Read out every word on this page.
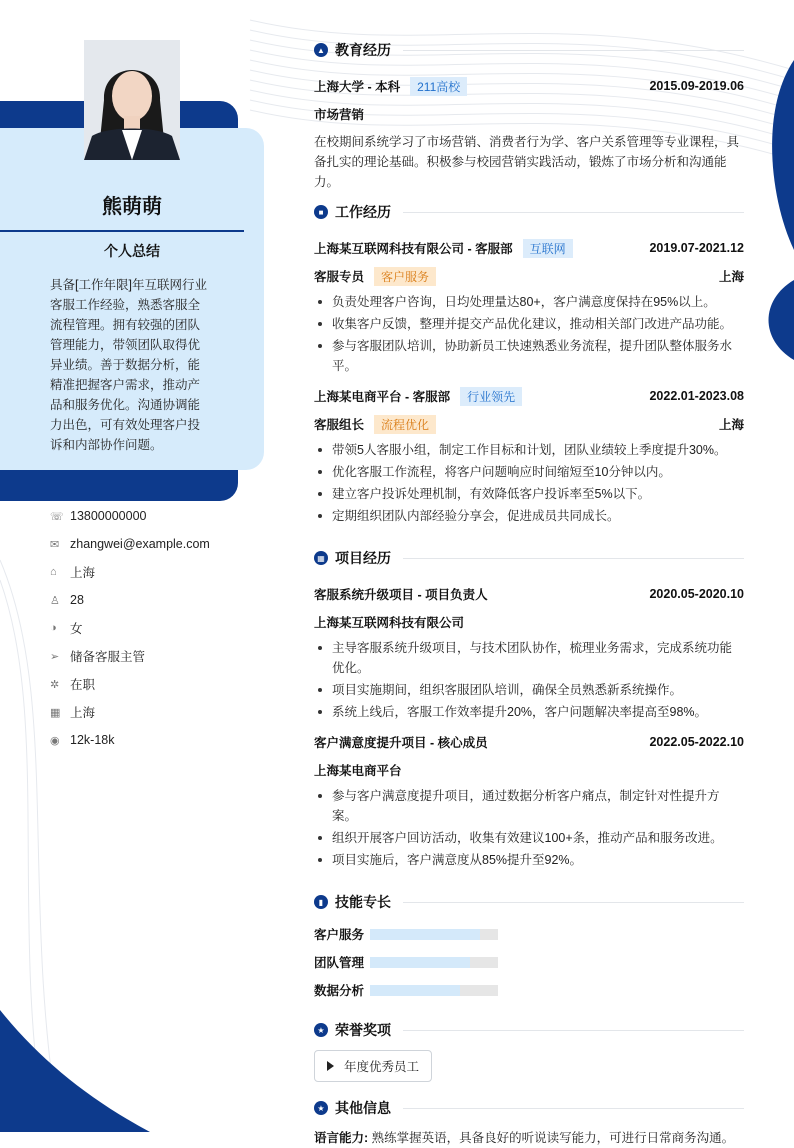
熊萌萌
个人总结
具备[工作年限]年互联网行业客服工作经验，熟悉客服全流程管理。拥有较强的团队管理能力，带领团队取得优异业绩。善于数据分析，能精准把握客户需求，推动产品和服务优化。沟通协调能力出色，可有效处理客户投诉和内部协作问题。
☏ 13800000000
✉ zhangwei@example.com
⌂	上海
♙ 28
◑	女
➢ 储备客服主管
✲ 在职
▦ 上海
◉ 12k-18k
▲ 教育经历
上海大学 - 本科	211高校	2015.09-2019.06
市场营销
在校期间系统学习了市场营销、消费者行为学、客户关系管理等专业课程，具备扎实的理论基础。积极参与校园营销实践活动，锻炼了市场分析和沟通能力。
■ 工作经历
上海某互联网科技有限公司 - 客服部	互联网	2019.07-2021.12
客服专员	客户服务	上海
负责处理客户咨询，日均处理量达80+，客户满意度保持在95%以上。
收集客户反馈，整理并提交产品优化建议，推动相关部门改进产品功能。
参与客服团队培训，协助新员工快速熟悉业务流程，提升团队整体服务水平。
上海某电商平台 - 客服部	行业领先	2022.01-2023.08
客服组长	流程优化	上海
带领5人客服小组，制定工作目标和计划，团队业绩较上季度提升30%。
优化客服工作流程，将客户问题响应时间缩短至10分钟以内。
建立客户投诉处理机制，有效降低客户投诉率至5%以下。
定期组织团队内部经验分享会，促进成员共同成长。
▦ 项目经历
客服系统升级项目 - 项目负责人	2020.05-2020.10
上海某互联网科技有限公司
主导客服系统升级项目，与技术团队协作，梳理业务需求，完成系统功能优化。
项目实施期间，组织客服团队培训，确保全员熟悉新系统操作。
系统上线后，客服工作效率提升20%，客户问题解决率提高至98%。
客户满意度提升项目 - 核心成员	2022.05-2022.10
上海某电商平台
参与客户满意度提升项目，通过数据分析客户痛点，制定针对性提升方案。
组织开展客户回访活动，收集有效建议100+条，推动产品和服务改进。
项目实施后，客户满意度从85%提升至92%。
▮ 技能专长
客户服务
团队管理
数据分析
★ 荣誉奖项
年度优秀员工
★ 其他信息
语言能力: 熟练掌握英语，具备良好的听说读写能力，可进行日常商务沟通。
